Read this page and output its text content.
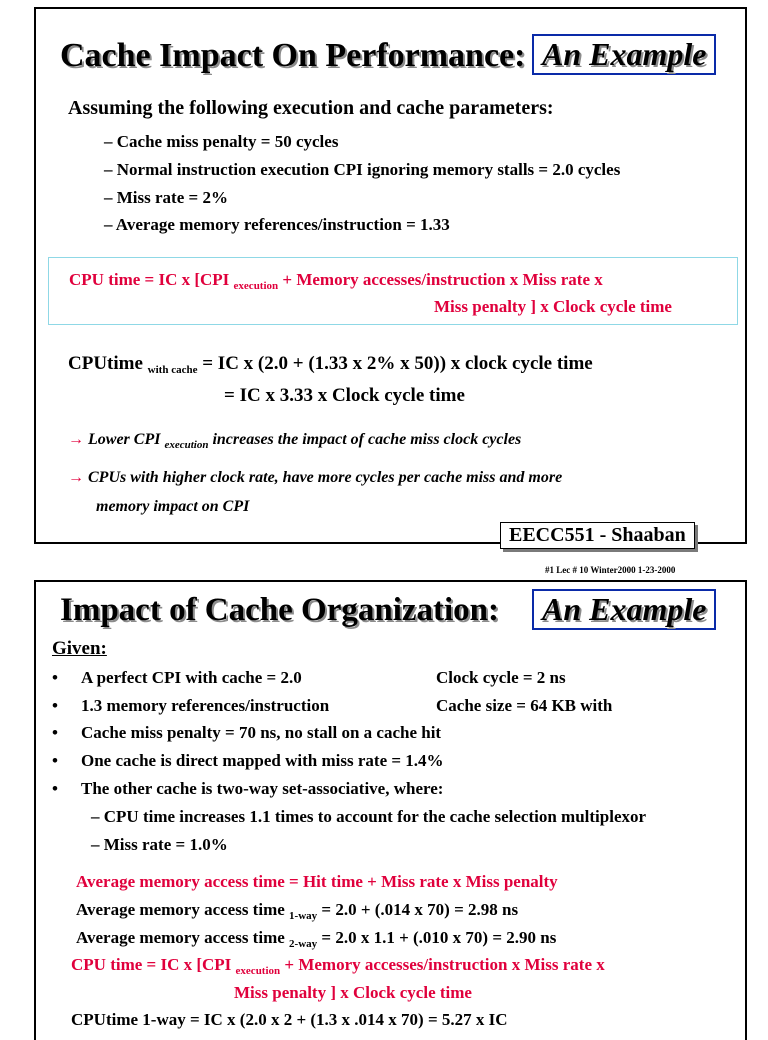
Cache Impact On Performance: An Example
Assuming the following execution and cache parameters:
– Cache miss penalty = 50 cycles
– Normal instruction execution CPI ignoring memory stalls = 2.0 cycles
– Miss rate = 2%
– Average memory references/instruction = 1.33
CPU time = IC x [CPI $_{execution}$ + Memory accesses/instruction x Miss rate x
Miss penalty ] x Clock cycle time
CPUtime $_{with cache}$ = IC x (2.0 + (1.33 x 2% x 50)) x clock cycle time
= IC x 3.33 x Clock cycle time
→ Lower CPI $_{execution}$ increases the impact of cache miss clock cycles
→ CPUs with higher clock rate, have more cycles per cache miss and more
memory impact on CPI
EECC551 - Shaaban
#1 Lec # 10 Winter2000 1-23-2000
Impact of Cache Organization:	An Example
Given:
• A perfect CPI with cache = 2.0	Clock cycle = 2 ns
• 1.3 memory references/instruction	Cache size = 64 KB with
• Cache miss penalty = 70 ns, no stall on a cache hit
• One cache is direct mapped with miss rate = 1.4%
• The other cache is two-way set-associative, where:
– CPU time increases 1.1 times to account for the cache selection multiplexor
– Miss rate = 1.0%
Average memory access time = Hit time + Miss rate x Miss penalty
Average memory access time $_{1-way}$ = 2.0 + (.014 x 70) = 2.98 ns
Average memory access time $_{2-way}$ = 2.0 x 1.1 + (.010 x 70) = 2.90 ns
CPU time = IC x [CPI $_{execution}$ + Memory accesses/instruction x Miss rate x
Miss penalty ] x Clock cycle time
CPUtime 1-way = IC x (2.0 x 2 + (1.3 x .014 x 70) = 5.27 x IC
